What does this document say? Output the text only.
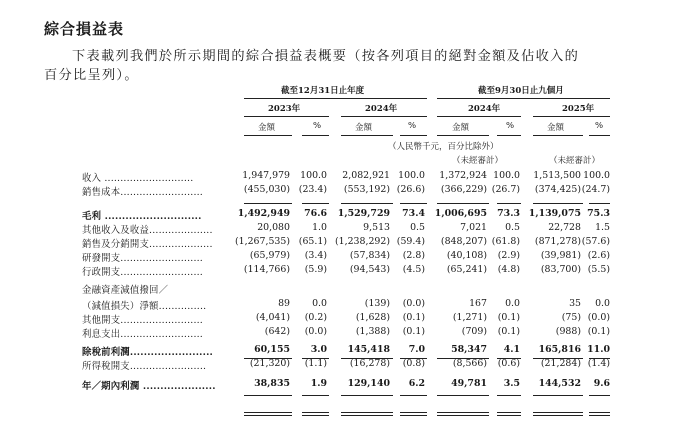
綜合損益表
下表載列我們於所示期間的綜合損益表概要（按各列項目的絕對金額及佔收入的
百分比呈列）。
截至12月31日止年度	截至9月30日止九個月
2023年	2024年	2024年	2025年
金額	%	金額	%	金額	%	金額	%
（人民幣千元，百分比除外）
（未經審計）	（未經審計）
收入 ............................	1,947,979 100.0 2,082,921 100.0 1,372,924 100.0 1,513,500 100.0
銷售成本..........................	(455,030) (23.4) (553,192) (26.6) (366,229) (26.7) (374,425) (24.7)
毛利 ............................	1,492,949 76.6 1,529,729 73.4 1,006,695 73.3 1,139,075 75.3
其他收入及收益....................	20,080 1.0	9,513 0.5	7,021 0.5	22,728 1.5
銷售及分銷開支.................... (1,267,535) (65.1) (1,238,292) (59.4) (848,207) (61.8) (871,278) (57.6)
研發開支..........................	(65,979) (3.4) (57,834) (2.8) (40,108) (2.9) (39,981) (2.6)
行政開支..........................	(114,766) (5.9) (94,543) (4.5) (65,241) (4.8) (83,700) (5.5)
金融資產減值撥回／
（減值損失）淨額...............	89 0.0	(139) (0.0)	167 0.0	35 0.0
其他開支..........................	(4,041) (0.2)	(1,628) (0.1)	(1,271) (0.1)	(75) (0.0)
利息支出..........................	(642) (0.0)	(1,388) (0.1)	(709) (0.1)	(988) (0.1)
除稅前利潤........................	60,155 3.0 145,418 7.0	58,347 4.1 165,816 11.0
所得稅開支........................	(21,320) (1.1) (16,278) (0.8)	(8,566) (0.6) (21,284) (1.4)
年／期內利潤 .....................	38,835 1.9 129,140 6.2	49,781 3.5 144,532 9.6
